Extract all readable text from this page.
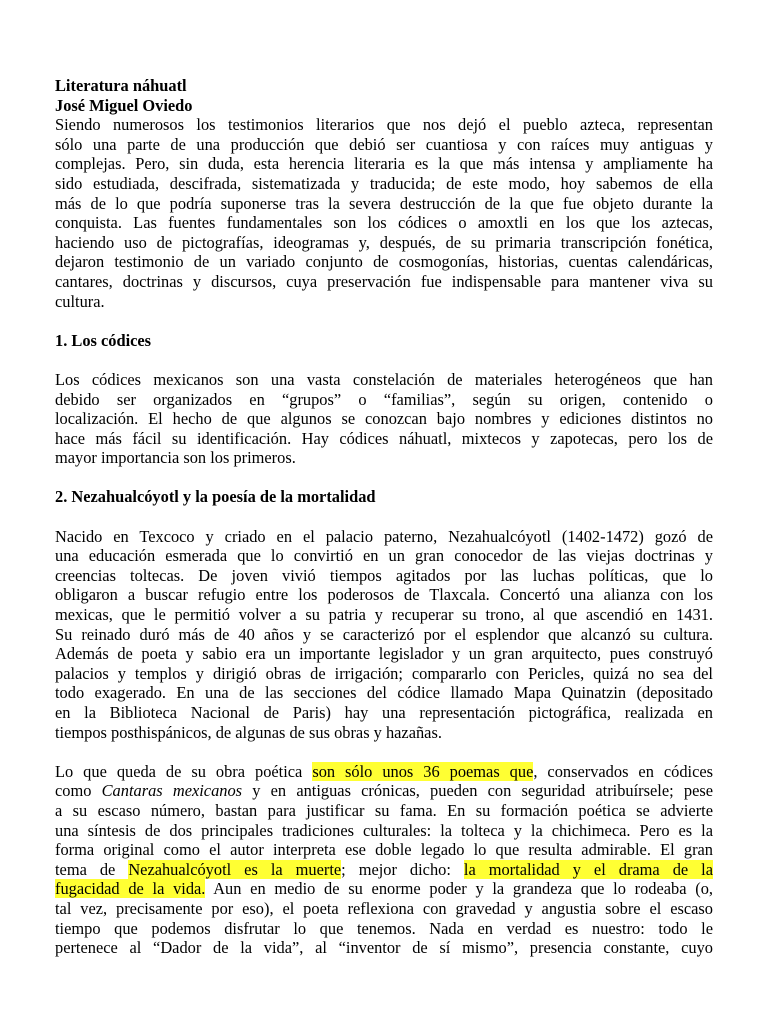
Literatura náhuatl
José Miguel Oviedo
Siendo numerosos los testimonios literarios que nos dejó el pueblo azteca, representan
sólo una parte de una producción que debió ser cuantiosa y con raíces muy antiguas y
complejas. Pero, sin duda, esta herencia literaria es la que más intensa y ampliamente ha
sido estudiada, descifrada, sistematizada y traducida; de este modo, hoy sabemos de ella
más de lo que podría suponerse tras la severa destrucción de la que fue objeto durante la
conquista. Las fuentes fundamentales son los códices o amoxtli en los que los aztecas,
haciendo uso de pictografías, ideogramas y, después, de su primaria transcripción fonética,
dejaron testimonio de un variado conjunto de cosmogonías, historias, cuentas calendáricas,
cantares, doctrinas y discursos, cuya preservación fue indispensable para mantener viva su
cultura.
1. Los códices
Los códices mexicanos son una vasta constelación de materiales heterogéneos que han
debido ser organizados en “grupos” o “familias”, según su origen, contenido o
localización. El hecho de que algunos se conozcan bajo nombres y ediciones distintos no
hace más fácil su identificación. Hay códices náhuatl, mixtecos y zapotecas, pero los de
mayor importancia son los primeros.
2. Nezahualcóyotl y la poesía de la mortalidad
Nacido en Texcoco y criado en el palacio paterno, Nezahualcóyotl (1402-1472) gozó de
una educación esmerada que lo convirtió en un gran conocedor de las viejas doctrinas y
creencias toltecas. De joven vivió tiempos agitados por las luchas políticas, que lo
obligaron a buscar refugio entre los poderosos de Tlaxcala. Concertó una alianza con los
mexicas, que le permitió volver a su patria y recuperar su trono, al que ascendió en 1431.
Su reinado duró más de 40 años y se caracterizó por el esplendor que alcanzó su cultura.
Además de poeta y sabio era un importante legislador y un gran arquitecto, pues construyó
palacios y templos y dirigió obras de irrigación; compararlo con Pericles, quizá no sea del
todo exagerado. En una de las secciones del códice llamado Mapa Quinatzin (depositado
en la Biblioteca Nacional de Paris) hay una representación pictográfica, realizada en
tiempos posthispánicos, de algunas de sus obras y hazañas.
Lo que queda de su obra poética son sólo unos 36 poemas que, conservados en códices
como Cantaras mexicanos y en antiguas crónicas, pueden con seguridad atribuírsele; pese
a su escaso número, bastan para justificar su fama. En su formación poética se advierte
una síntesis de dos principales tradiciones culturales: la tolteca y la chichimeca. Pero es la
forma original como el autor interpreta ese doble legado lo que resulta admirable. El gran
tema de Nezahualcóyotl es la muerte; mejor dicho: la mortalidad y el drama de la
fugacidad de la vida. Aun en medio de su enorme poder y la grandeza que lo rodeaba (o,
tal vez, precisamente por eso), el poeta reflexiona con gravedad y angustia sobre el escaso
tiempo que podemos disfrutar lo que tenemos. Nada en verdad es nuestro: todo le
pertenece al “Dador de la vida”, al “inventor de sí mismo”, presencia constante, cuyo
